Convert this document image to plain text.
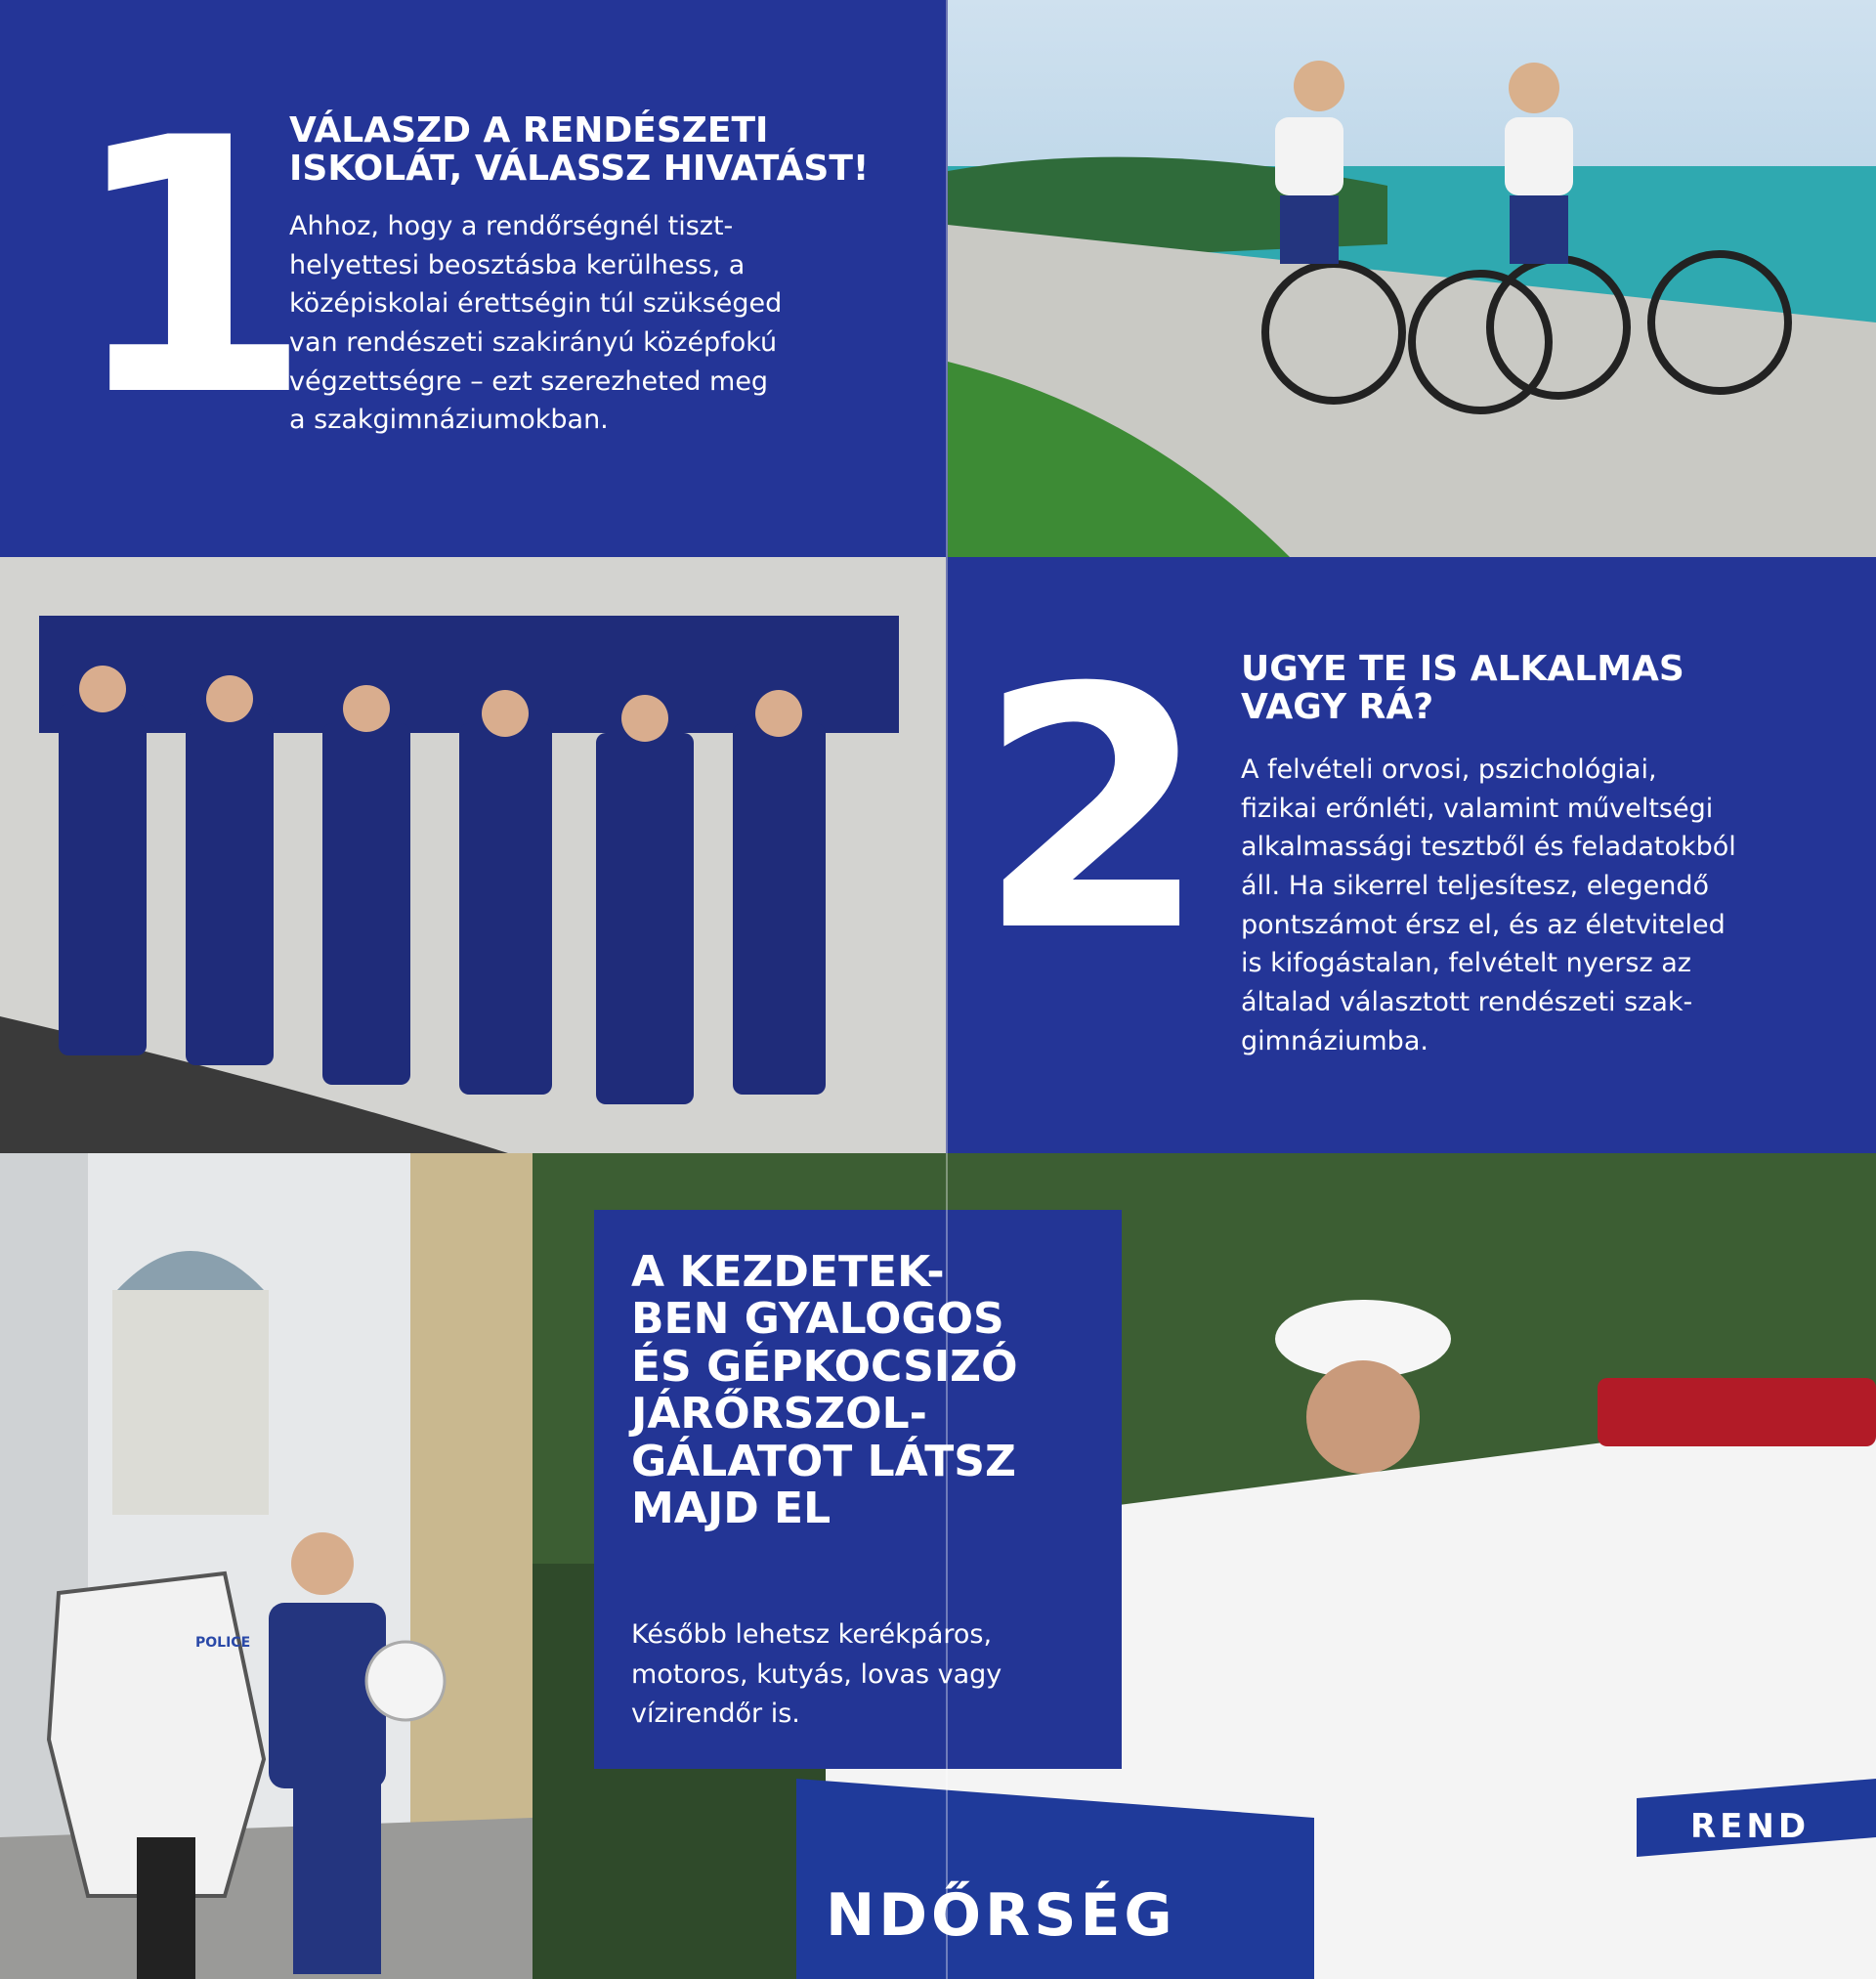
1
VÁLASZD A RENDÉSZETI
ISKOLÁT, VÁLASSZ HIVATÁST!
Ahhoz, hogy a rendőrségnél tiszt-
helyettesi beosztásba kerülhess, a
középiskolai érettségin túl szükséged
van rendészeti szakirányú középfokú
végzettségre – ezt szerezheted meg
a szakgimnáziumokban.
2 UGYE TE IS ALKALMAS
VAGY RÁ?
A felvételi orvosi, pszichológiai,
fizikai erőnléti, valamint műveltségi
alkalmassági tesztből és feladatokból
áll. Ha sikerrel teljesítesz, elegendő
pontszámot érsz el, és az életviteled
is kifogástalan, felvételt nyersz az
általad választott rendészeti szak-
gimnáziumba.
POLICE
NDŐRSÉG
REND
A KEZDETEK-
BEN GYALOGOS
ÉS GÉPKOCSIZÓ
JÁRŐRSZOL-
GÁLATOT LÁTSZ
MAJD EL
Később lehetsz kerékpáros,
motoros, kutyás, lovas vagy
vízirendőr is.
